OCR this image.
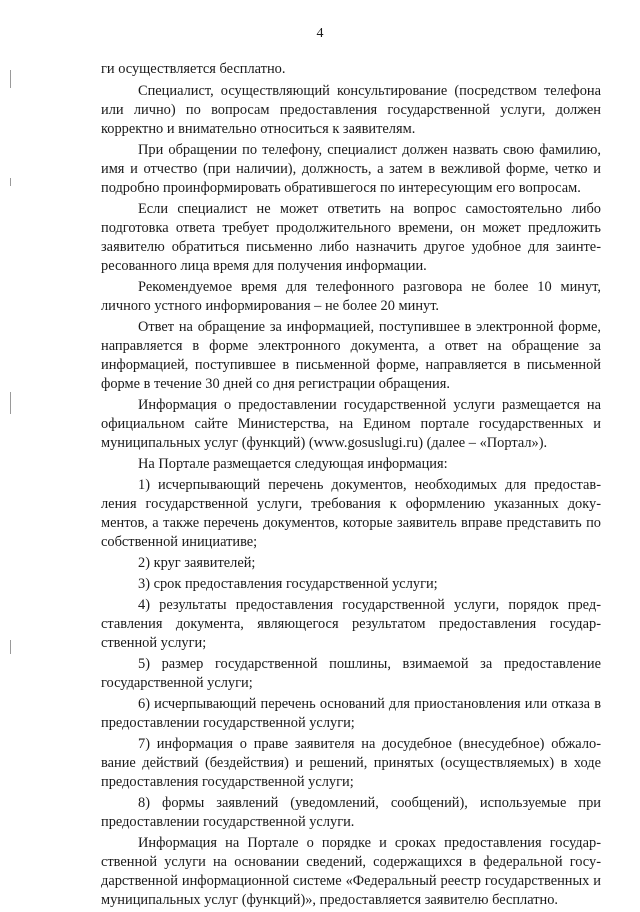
4

ги осуществляется бесплатно.

Специалист, осуществляющий консультирование (посредством телефона или лично) по вопросам предоставления государственной услуги, должен корректно и внимательно относиться к заявителям.

При обращении по телефону, специалист должен назвать свою фамилию, имя и отчество (при наличии), должность, а затем в вежливой форме, четко и подробно проинформировать обратившегося по интересующим его вопросам.

Если специалист не может ответить на вопрос самостоятельно либо подготовка ответа требует продолжительного времени, он может предложить заявителю обратиться письменно либо назначить другое удобное для заинтересованного лица время для получения информации.

Рекомендуемое время для телефонного разговора не более 10 минут, личного устного информирования – не более 20 минут.

Ответ на обращение за информацией, поступившее в электронной форме, направляется в форме электронного документа, а ответ на обращение за информацией, поступившее в письменной форме, направляется в письменной форме в течение 30 дней со дня регистрации обращения.

Информация о предоставлении государственной услуги размещается на официальном сайте Министерства, на Едином портале государственных и муниципальных услуг (функций) (www.gosuslugi.ru) (далее – «Портал»).

На Портале размещается следующая информация:

1) исчерпывающий перечень документов, необходимых для предоставления государственной услуги, требования к оформлению указанных документов, а также перечень документов, которые заявитель вправе представить по собственной инициативе;

2) круг заявителей;

3) срок предоставления государственной услуги;

4) результаты предоставления государственной услуги, порядок представления документа, являющегося результатом предоставления государственной услуги;

5) размер государственной пошлины, взимаемой за предоставление государственной услуги;

6) исчерпывающий перечень оснований для приостановления или отказа в предоставлении государственной услуги;

7) информация о праве заявителя на досудебное (внесудебное) обжалование действий (бездействия) и решений, принятых (осуществляемых) в ходе предоставления государственной услуги;

8) формы заявлений (уведомлений, сообщений), используемые при предоставлении государственной услуги.

Информация на Портале о порядке и сроках предоставления государственной услуги на основании сведений, содержащихся в федеральной государственной информационной системе «Федеральный реестр государственных и муниципальных услуг (функций)», предоставляется заявителю бесплатно.
